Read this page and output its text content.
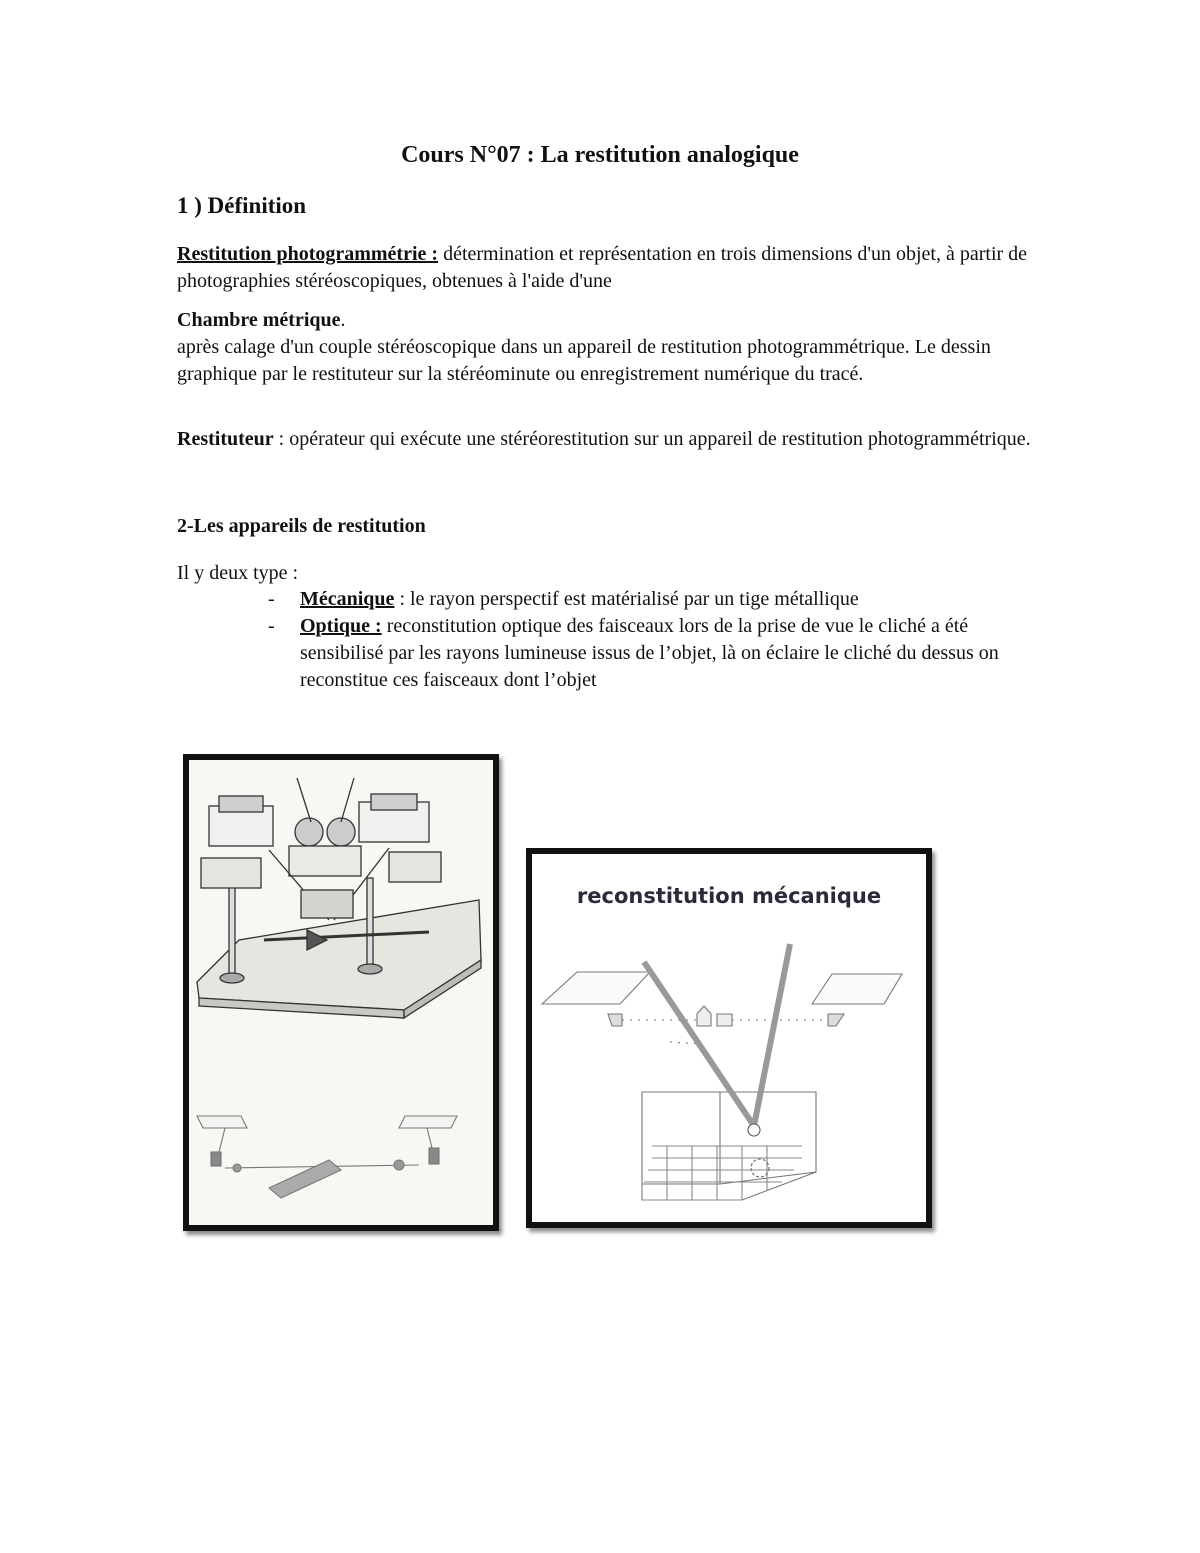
Cours N°07 : La restitution analogique
1 ) Définition
Restitution photogrammétrie : détermination et représentation en trois dimensions d'un objet, à partir de photographies stéréoscopiques, obtenues à l'aide d'une
Chambre métrique.
après calage d'un couple stéréoscopique dans un appareil de restitution photogrammétrique. Le dessin graphique par le restituteur sur la stéréominute ou enregistrement numérique du tracé.
Restituteur : opérateur qui exécute une stéréorestitution sur un appareil de restitution photogrammétrique.
2-Les appareils de restitution
Il y deux type :
-	Mécanique : le rayon perspectif est matérialisé par un tige métallique
-	Optique : reconstitution optique des faisceaux lors de la prise de vue le cliché a été sensibilisé par les rayons lumineuse issus de l’objet, là on éclaire le cliché du dessus on reconstitue ces faisceaux dont l’objet
reconstitution mécanique
